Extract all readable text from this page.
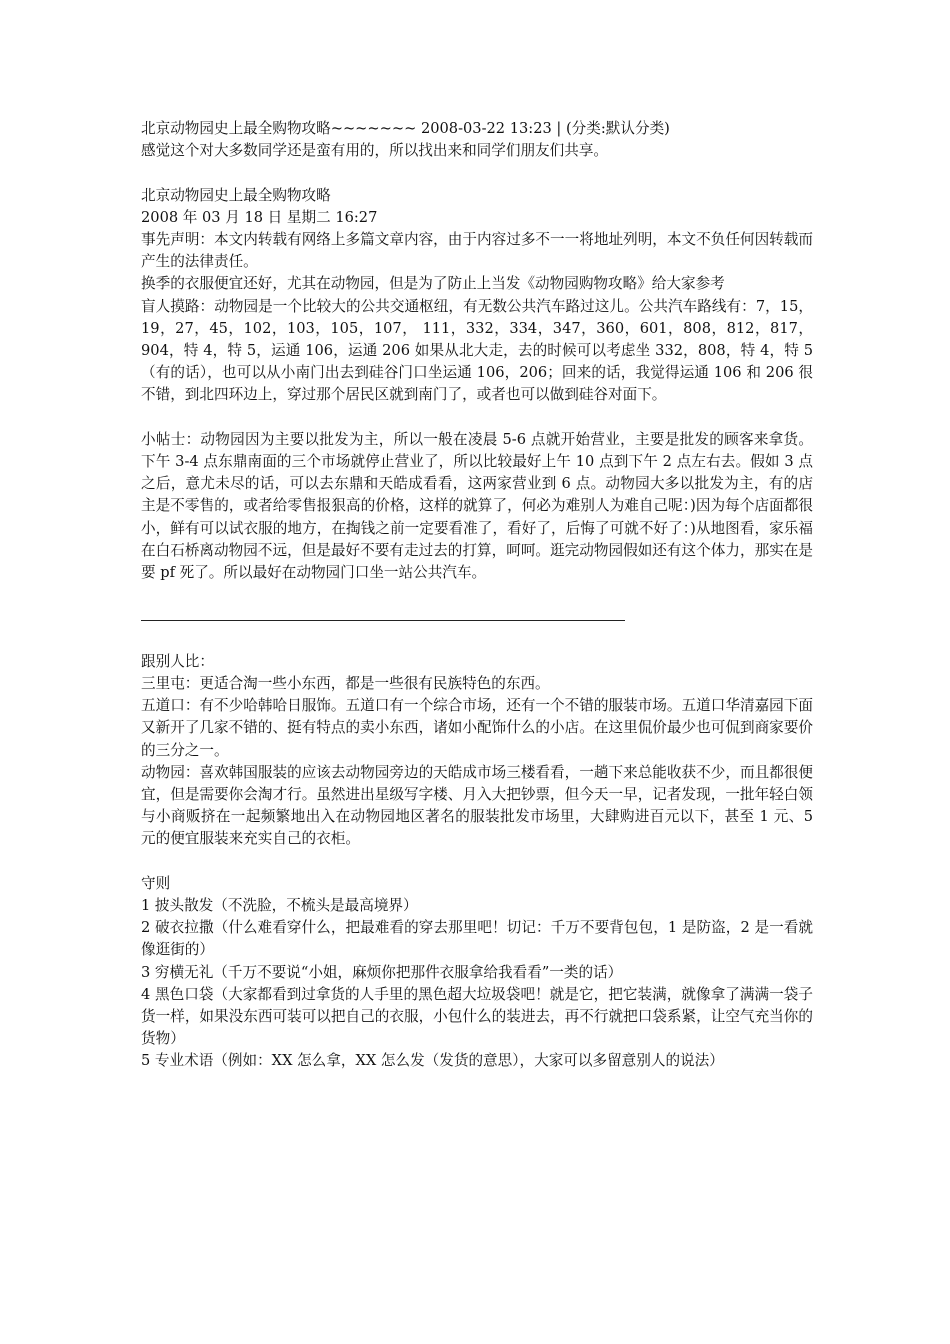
北京动物园史上最全购物攻略~~~~~~~ 2008-03-22 13:23 | (分类:默认分类)

感觉这个对大多数同学还是蛮有用的，所以找出来和同学们朋友们共享。

北京动物园史上最全购物攻略

2008 年 03 月 18 日 星期二 16:27

事先声明：本文内转载有网络上多篇文章内容，由于内容过多不一一将地址列明，本文不负任何因转载而产生的法律责任。

换季的衣服便宜还好，尤其在动物园，但是为了防止上当发《动物园购物攻略》给大家参考

盲人摸路：动物园是一个比较大的公共交通枢纽，有无数公共汽车路过这儿。公共汽车路线有：7，15，19，27，45，102，103，105，107， 111，332，334，347，360，601，808，812，817，904，特 4，特 5，运通 106，运通 206 如果从北大走，去的时候可以考虑坐 332，808，特 4，特 5（有的话），也可以从小南门出去到硅谷门口坐运通 106，206；回来的话，我觉得运通 106 和 206 很不错，到北四环边上，穿过那个居民区就到南门了，或者也可以做到硅谷对面下。

小帖士：动物园因为主要以批发为主，所以一般在凌晨 5-6 点就开始营业，主要是批发的顾客来拿货。下午 3-4 点东鼎南面的三个市场就停止营业了，所以比较最好上午 10 点到下午 2 点左右去。假如 3 点之后，意尤未尽的话，可以去东鼎和天皓成看看，这两家营业到 6 点。动物园大多以批发为主，有的店主是不零售的，或者给零售报狠高的价格，这样的就算了，何必为难别人为难自己呢：)因为每个店面都很小，鲜有可以试衣服的地方，在掏钱之前一定要看准了，看好了，后悔了可就不好了：)从地图看，家乐福在白石桥离动物园不远，但是最好不要有走过去的打算，呵呵。逛完动物园假如还有这个体力，那实在是要 pf 死了。所以最好在动物园门口坐一站公共汽车。

跟别人比：

三里屯：更适合淘一些小东西，都是一些很有民族特色的东西。

五道口：有不少哈韩哈日服饰。五道口有一个综合市场，还有一个不错的服装市场。五道口华清嘉园下面又新开了几家不错的、挺有特点的卖小东西，诸如小配饰什么的小店。在这里侃价最少也可侃到商家要价的三分之一。

动物园：喜欢韩国服装的应该去动物园旁边的天皓成市场三楼看看，一趟下来总能收获不少，而且都很便宜，但是需要你会淘才行。虽然进出星级写字楼、月入大把钞票，但今天一早，记者发现，一批年轻白领与小商贩挤在一起频繁地出入在动物园地区著名的服装批发市场里，大肆购进百元以下，甚至 1 元、5 元的便宜服装来充实自己的衣柜。

守则

1 披头散发（不洗脸，不梳头是最高境界）

2 破衣拉撒（什么难看穿什么，把最难看的穿去那里吧！切记：千万不要背包包，1 是防盗，2 是一看就像逛街的）

3 穷横无礼（千万不要说“小姐，麻烦你把那件衣服拿给我看看”一类的话）

4 黑色口袋（大家都看到过拿货的人手里的黑色超大垃圾袋吧！就是它，把它装满，就像拿了满满一袋子货一样，如果没东西可装可以把自己的衣服，小包什么的装进去，再不行就把口袋系紧，让空气充当你的货物）

5 专业术语（例如：XX 怎么拿，XX 怎么发（发货的意思），大家可以多留意别人的说法）
